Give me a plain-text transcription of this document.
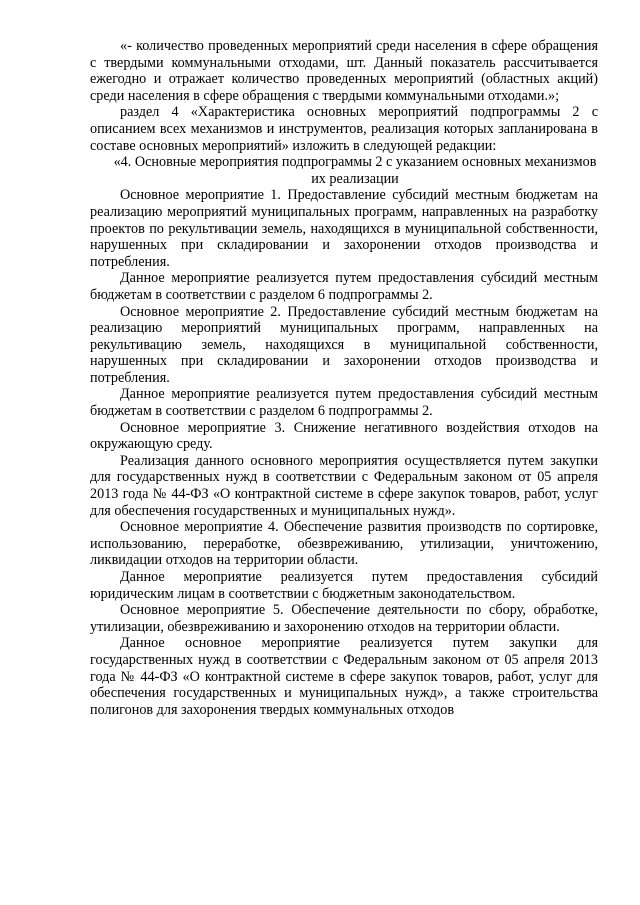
«- количество проведенных мероприятий среди населения в сфере обращения с твердыми коммунальными отходами, шт. Данный показатель рассчитывается ежегодно и отражает количество проведенных мероприятий (областных акций) среди населения в сфере обращения с твердыми коммунальными отходами.»;

раздел 4 «Характеристика основных мероприятий подпрограммы 2 с описанием всех механизмов и инструментов, реализация которых запланирована в составе основных мероприятий» изложить в следующей редакции:

«4. Основные мероприятия подпрограммы 2 с указанием основных механизмов их реализации

Основное мероприятие 1. Предоставление субсидий местным бюджетам на реализацию мероприятий муниципальных программ, направленных на разработку проектов по рекультивации земель, находящихся в муниципальной собственности, нарушенных при складировании и захоронении отходов производства и потребления.

Данное мероприятие реализуется путем предоставления субсидий местным бюджетам в соответствии с разделом 6 подпрограммы 2.

Основное мероприятие 2. Предоставление субсидий местным бюджетам на реализацию мероприятий муниципальных программ, направленных на рекультивацию земель, находящихся в муниципальной собственности, нарушенных при складировании и захоронении отходов производства и потребления.

Данное мероприятие реализуется путем предоставления субсидий местным бюджетам в соответствии с разделом 6 подпрограммы 2.

Основное мероприятие 3. Снижение негативного воздействия отходов на окружающую среду.

Реализация данного основного мероприятия осуществляется путем закупки для государственных нужд в соответствии с Федеральным законом от 05 апреля 2013 года № 44-ФЗ «О контрактной системе в сфере закупок товаров, работ, услуг для обеспечения государственных и муниципальных нужд».

Основное мероприятие 4. Обеспечение развития производств по сортировке, использованию, переработке, обезвреживанию, утилизации, уничтожению, ликвидации отходов на территории области.

Данное мероприятие реализуется путем предоставления субсидий юридическим лицам в соответствии с бюджетным законодательством.

Основное мероприятие 5. Обеспечение деятельности по сбору, обработке, утилизации, обезвреживанию и захоронению отходов на территории области.

Данное основное мероприятие реализуется путем закупки для государственных нужд в соответствии с Федеральным законом от 05 апреля 2013 года № 44-ФЗ «О контрактной системе в сфере закупок товаров, работ, услуг для обеспечения государственных и муниципальных нужд», а также строительства полигонов для захоронения твердых коммунальных отходов
